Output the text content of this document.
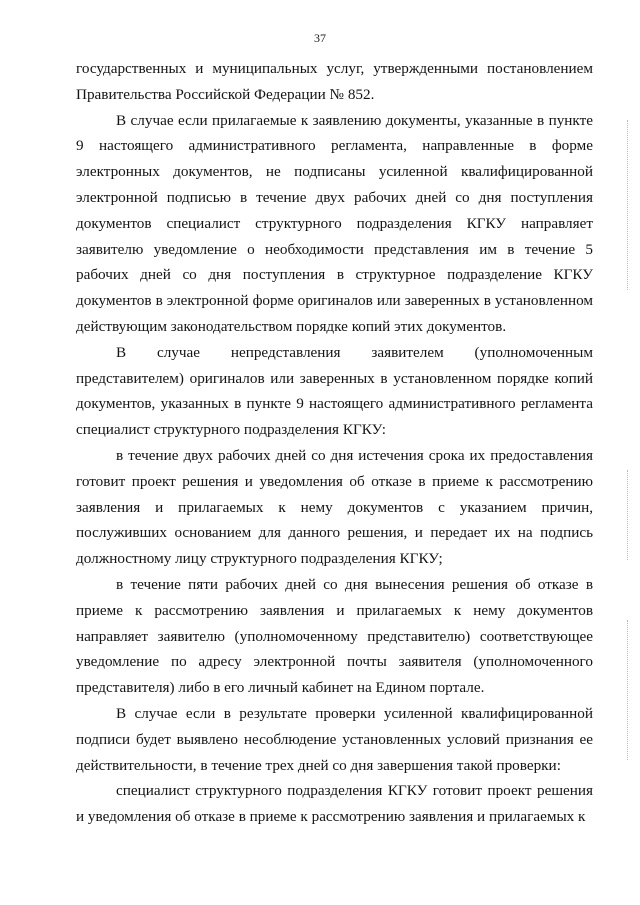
37

государственных и муниципальных услуг, утвержденными постановлением Правительства Российской Федерации № 852.

В случае если прилагаемые к заявлению документы, указанные в пункте 9 настоящего административного регламента, направленные в форме электронных документов, не подписаны усиленной квалифицированной электронной подписью в течение двух рабочих дней со дня поступления документов специалист структурного подразделения КГКУ направляет заявителю уведомление о необходимости представления им в течение 5 рабочих дней со дня поступления в структурное подразделение КГКУ документов в электронной форме оригиналов или заверенных в установленном действующим законодательством порядке копий этих документов.

В случае непредставления заявителем (уполномоченным представителем) оригиналов или заверенных в установленном порядке копий документов, указанных в пункте 9 настоящего административного регламента специалист структурного подразделения КГКУ:

в течение двух рабочих дней со дня истечения срока их предоставления готовит проект решения и уведомления об отказе в приеме к рассмотрению заявления и прилагаемых к нему документов с указанием причин, послуживших основанием для данного решения, и передает их на подпись должностному лицу структурного подразделения КГКУ;

в течение пяти рабочих дней со дня вынесения решения об отказе в приеме к рассмотрению заявления и прилагаемых к нему документов направляет заявителю (уполномоченному представителю) соответствующее уведомление по адресу электронной почты заявителя (уполномоченного представителя) либо в его личный кабинет на Едином портале.

В случае если в результате проверки усиленной квалифицированной подписи будет выявлено несоблюдение установленных условий признания ее действительности, в течение трех дней со дня завершения такой проверки:

специалист структурного подразделения КГКУ готовит проект решения и уведомления об отказе в приеме к рассмотрению заявления и прилагаемых к
